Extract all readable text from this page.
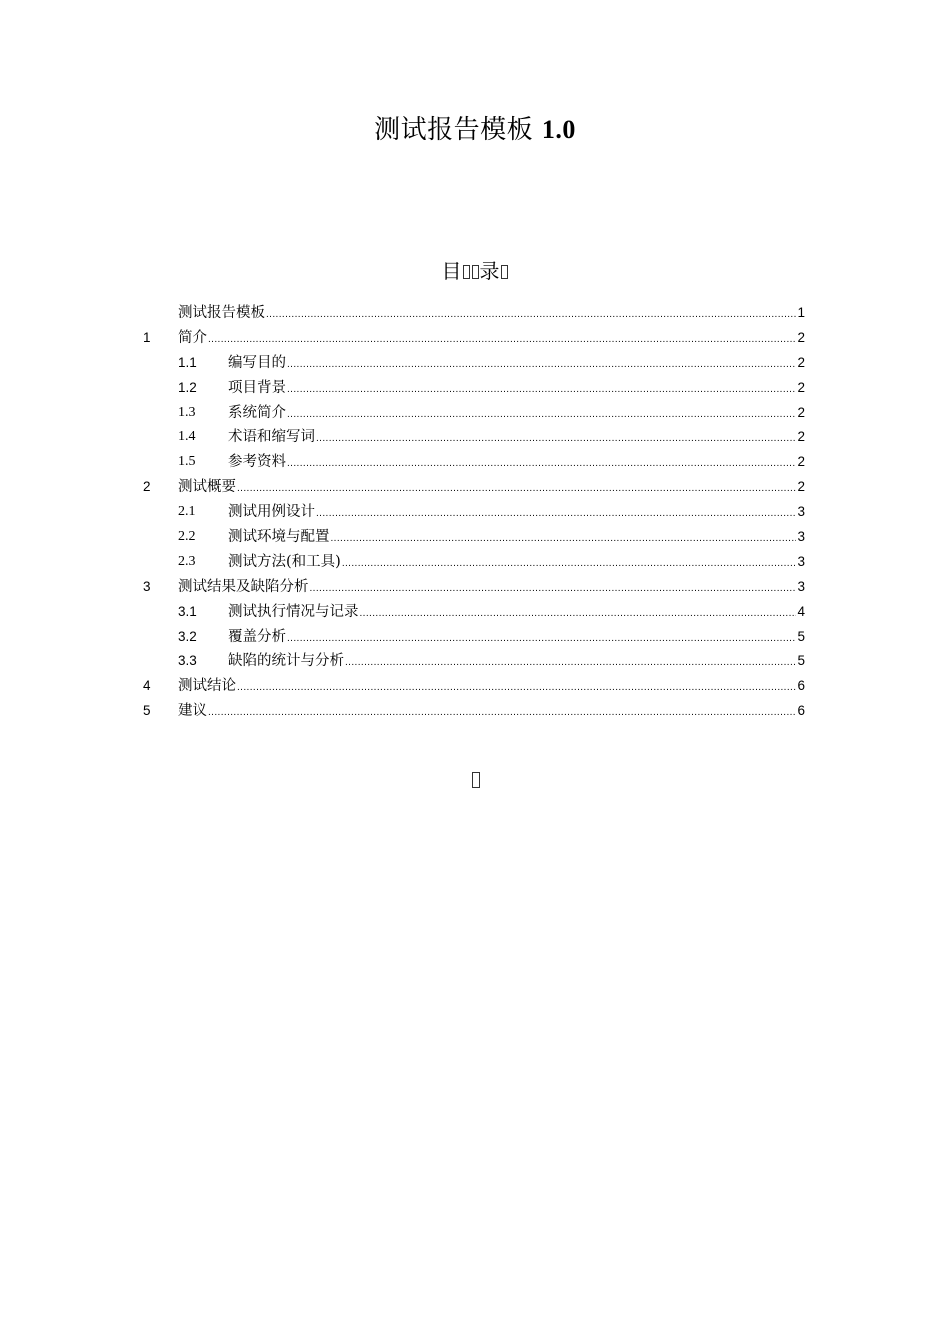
测试报告模板 1.0
目 录
测试报告模板 .....	1
1 简介 .....	2
1.1 编写目的 .....	2
1.2 项目背景 .....	2
1.3 系统简介 .....	2
1.4 术语和缩写词 .....	2
1.5 参考资料 .....	2
2 测试概要 .....	2
2.1 测试用例设计 .....	3
2.2 测试环境与配置 .....	3
2.3 测试方法(和工具) .....	3
3 测试结果及缺陷分析 .....	3
3.1 测试执行情况与记录 .....	4
3.2 覆盖分析 .....	5
3.3 缺陷的统计与分析 .....	5
4 测试结论 .....	6
5 建议 .....	6
